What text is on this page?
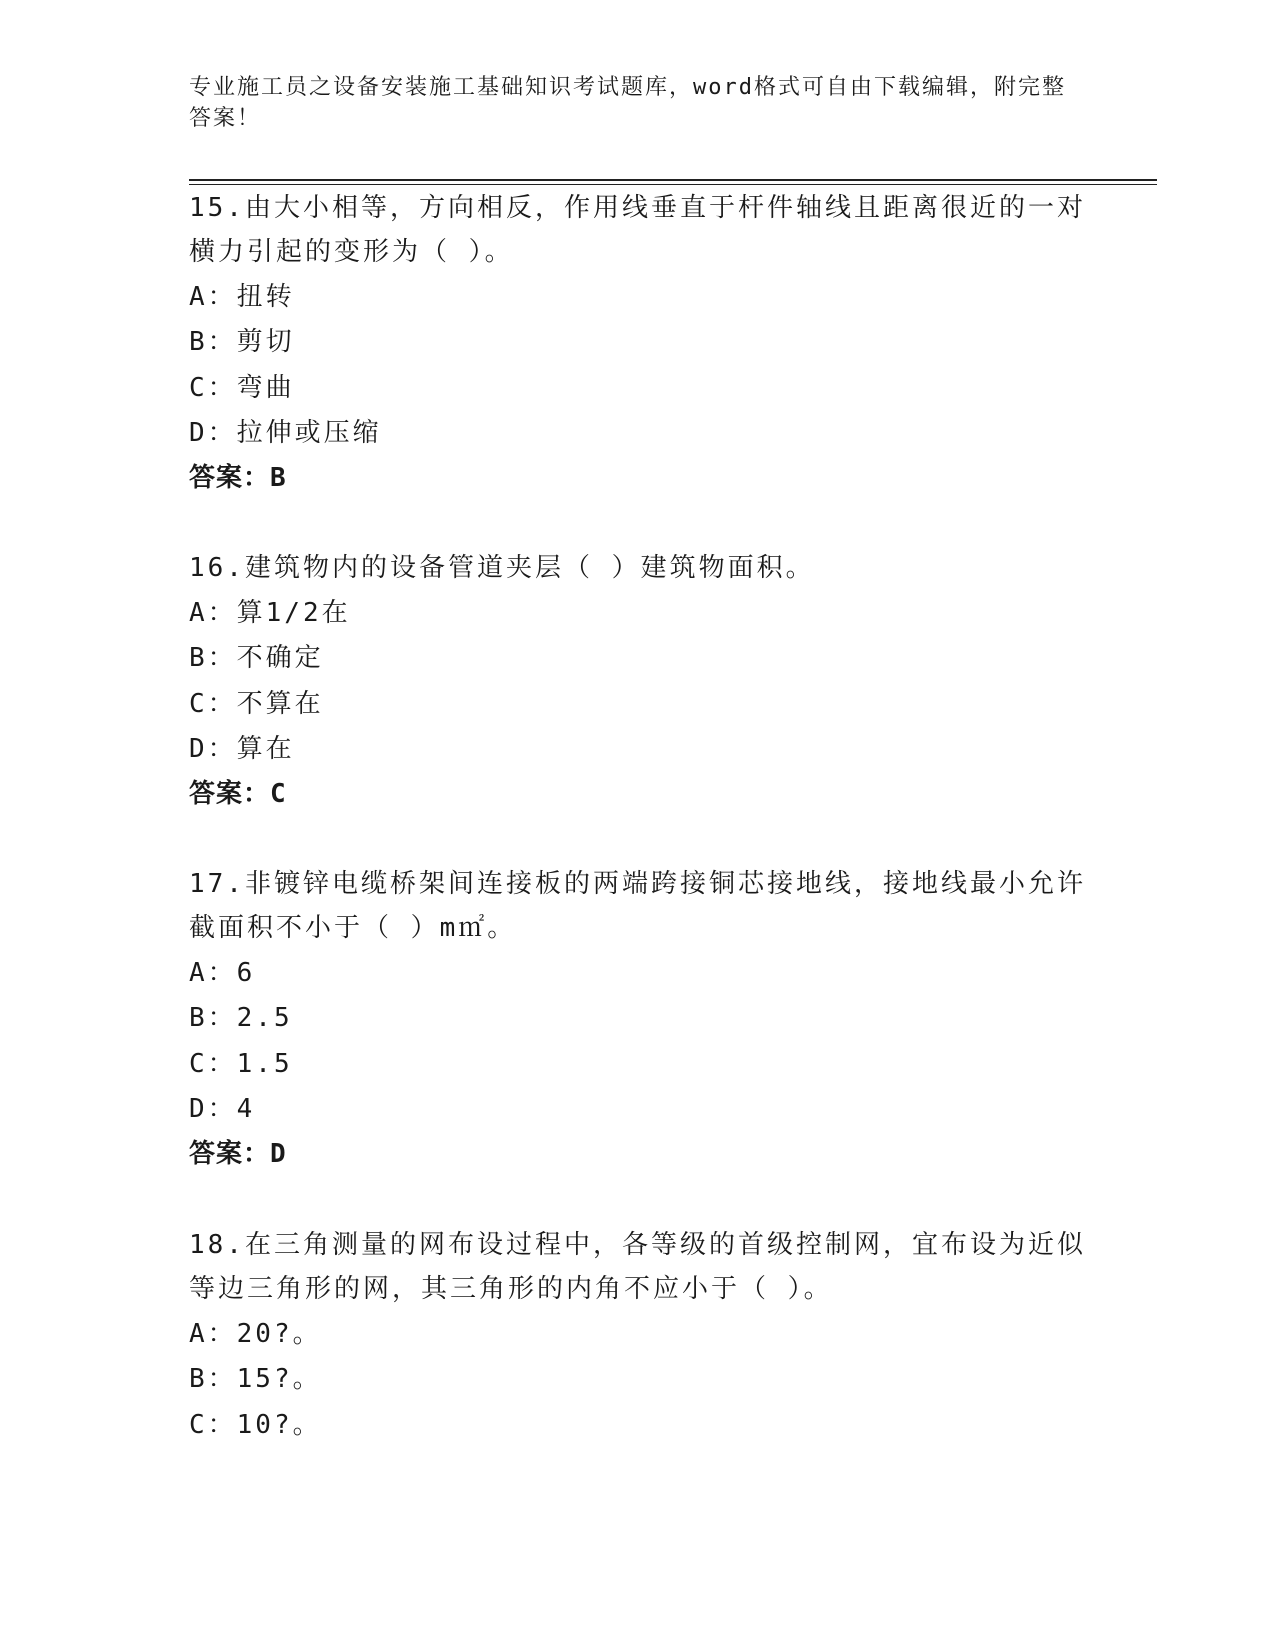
专业施工员之设备安装施工基础知识考试题库，word格式可自由下载编辑，附完整答案！

15.由大小相等，方向相反，作用线垂直于杆件轴线且距离很近的一对横力引起的变形为（ ）。

A： 扭转
B： 剪切
C： 弯曲
D： 拉伸或压缩
答案：B

16.建筑物内的设备管道夹层（ ）建筑物面积。

A： 算1/2在
B： 不确定
C： 不算在
D： 算在
答案：C

17.非镀锌电缆桥架间连接板的两端跨接铜芯接地线，接地线最小允许截面积不小于（ ）m㎡。

A： 6
B： 2.5
C： 1.5
D： 4
答案：D

18.在三角测量的网布设过程中，各等级的首级控制网，宜布设为近似等边三角形的网，其三角形的内角不应小于（ ）。

A： 20?。
B： 15?。
C： 10?。
